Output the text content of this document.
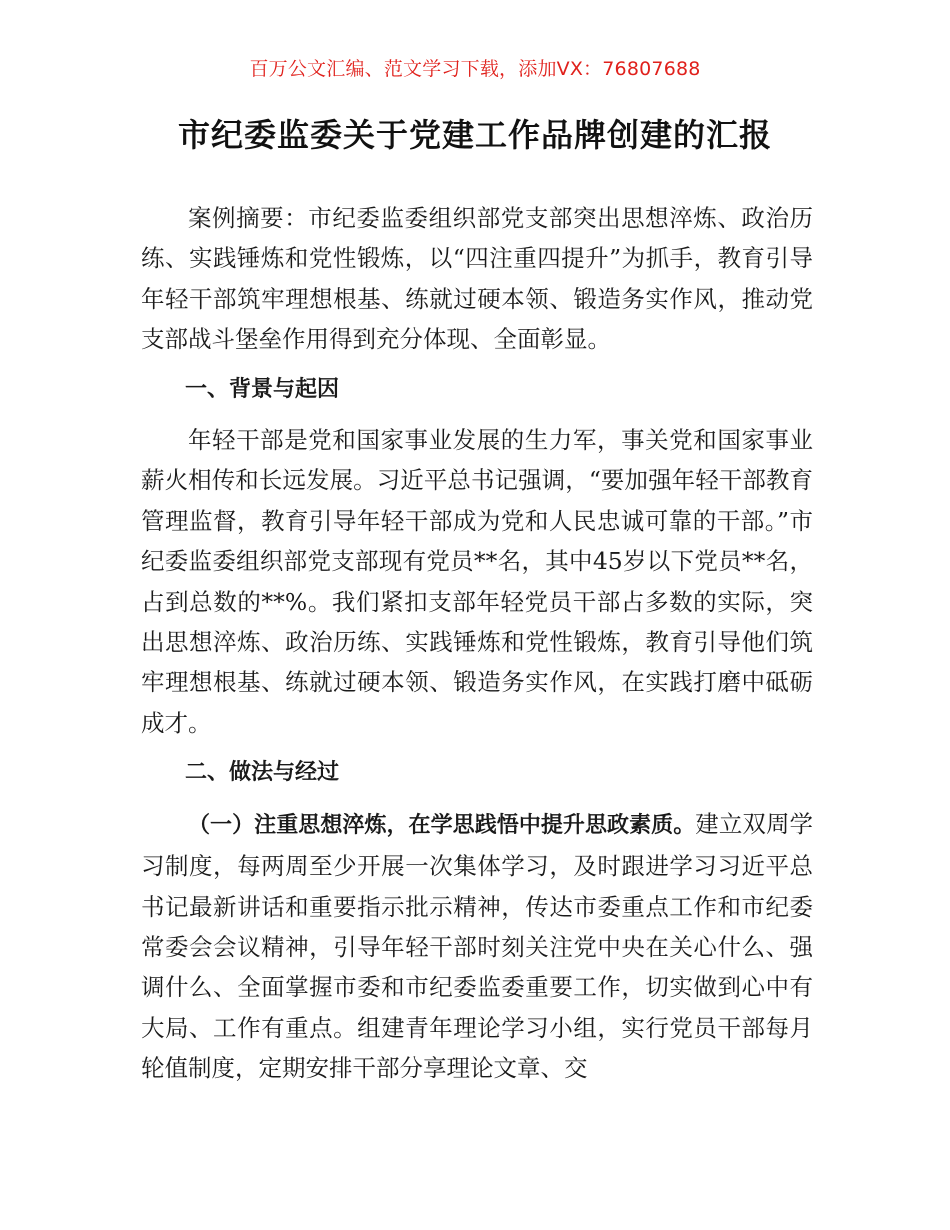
百万公文汇编、范文学习下载，添加VX：76807688
市纪委监委关于党建工作品牌创建的汇报

案例摘要：市纪委监委组织部党支部突出思想淬炼、政治历练、实践锤炼和党性锻炼，以“四注重四提升”为抓手，教育引导年轻干部筑牢理想根基、练就过硬本领、锻造务实作风，推动党支部战斗堡垒作用得到充分体现、全面彰显。

一、背景与起因

年轻干部是党和国家事业发展的生力军，事关党和国家事业薪火相传和长远发展。习近平总书记强调，“要加强年轻干部教育管理监督，教育引导年轻干部成为党和人民忠诚可靠的干部。”市纪委监委组织部党支部现有党员**名，其中45岁以下党员**名，占到总数的**%。我们紧扣支部年轻党员干部占多数的实际，突出思想淬炼、政治历练、实践锤炼和党性锻炼，教育引导他们筑牢理想根基、练就过硬本领、锻造务实作风，在实践打磨中砥砺成才。

二、做法与经过

（一）注重思想淬炼，在学思践悟中提升思政素质。建立双周学习制度，每两周至少开展一次集体学习，及时跟进学习习近平总书记最新讲话和重要指示批示精神，传达市委重点工作和市纪委常委会会议精神，引导年轻干部时刻关注党中央在关心什么、强调什么、全面掌握市委和市纪委监委重要工作，切实做到心中有大局、工作有重点。组建青年理论学习小组，实行党员干部每月轮值制度，定期安排干部分享理论文章、交
